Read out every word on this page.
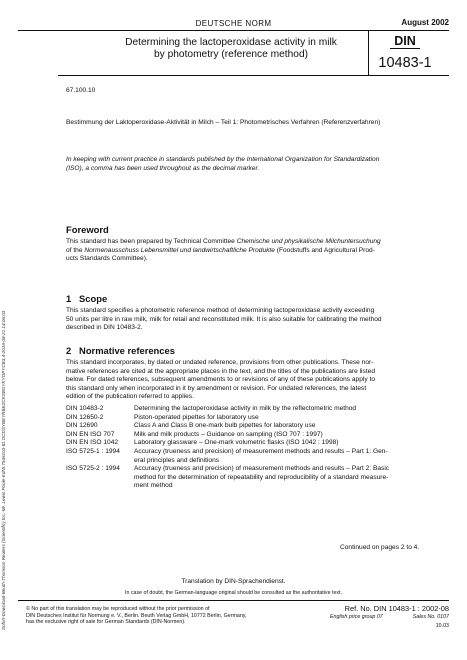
DEUTSCHE NORM	August 2002
Determining the lactoperoxidase activity in milk
by photometry (reference method)
DIN
10483-1
67.100.10
Bestimmung der Laktoperoxidase-Aktivität in Milch – Teil 1: Photometrisches Verfahren (Referenzverfahren)
In keeping with current practice in standards published by the International Organization for Standardization
(ISO), a comma has been used throughout as the decimal marker.
Foreword
This standard has been prepared by Technical Committee Chemische und physikalische Milchuntersuchung
of the Normenausschuss Lebensmittel und landwirtschaftliche Produkte (Foodstuffs and Agricultural Prod-
ucts Standards Committee).
1 Scope
This standard specifies a photometric reference method of determining lactoperoxidase activity exceeding
50 units per litre in raw milk, milk for retail and reconstituted milk. It is also suitable for calibrating the method
described in DIN 10483-2.
2 Normative references
This standard incorporates, by dated or undated reference, provisions from other publications. These nor-
mative references are cited at the appropriate places in the text, and the titles of the publications are listed
below. For dated references, subsequent amendments to or revisions of any of these publications apply to
this standard only when incorporated in it by amendment or revision. For undated references, the latest
edition of the publication referred to applies.
DIN 10483-2	Determining the lactoperoxidase activity in milk by the reflectometric method
DIN 12650-2	Piston-operated pipettes for laboratory use
DIN 12690	Class A and Class B one-mark bulb pipettes for laboratory use
DIN EN ISO 707	Milk and milk products – Guidance on sampling (ISO 707 : 1997)
DIN EN ISO 1042	Laboratory glassware – One-mark volumetric flasks (ISO 1042 : 1998)
ISO 5725-1 : 1994	Accuracy (trueness and precision) of measurement methods and results – Part 1: Gen-
eral principles and definitions

ISO 5725-2 : 1994	Accuracy (trueness and precision) of measurement methods and results – Part 2: Basic
method for the determination of repeatability and reproducibility of a standard measure-
ment method
Continued on pages 2 to 4.
Translation by DIN-Sprachendienst.
In case of doubt, the German-language original should be consulted as the authoritative text.
© No part of this translation may be reproduced without the prior permission of
DIN Deutsches Institut für Normung e. V., Berlin. Beuth Verlag GmbH, 10772 Berlin, Germany,
has the exclusive right of sale for German Standards (DIN-Normen).
Ref. No. DIN 10483-1 : 2002-08
English price group 07	Sales No. 0107
10.03
Sofort-Download-Beuth-Thomson Reuters (Scientific) Inc.-Mr. Lewis Poole-KdNr.7546103-ID.OCDSYBEYRBEZCKSBGYKYOPYCB3.4-2016-08-21 14:06:03
